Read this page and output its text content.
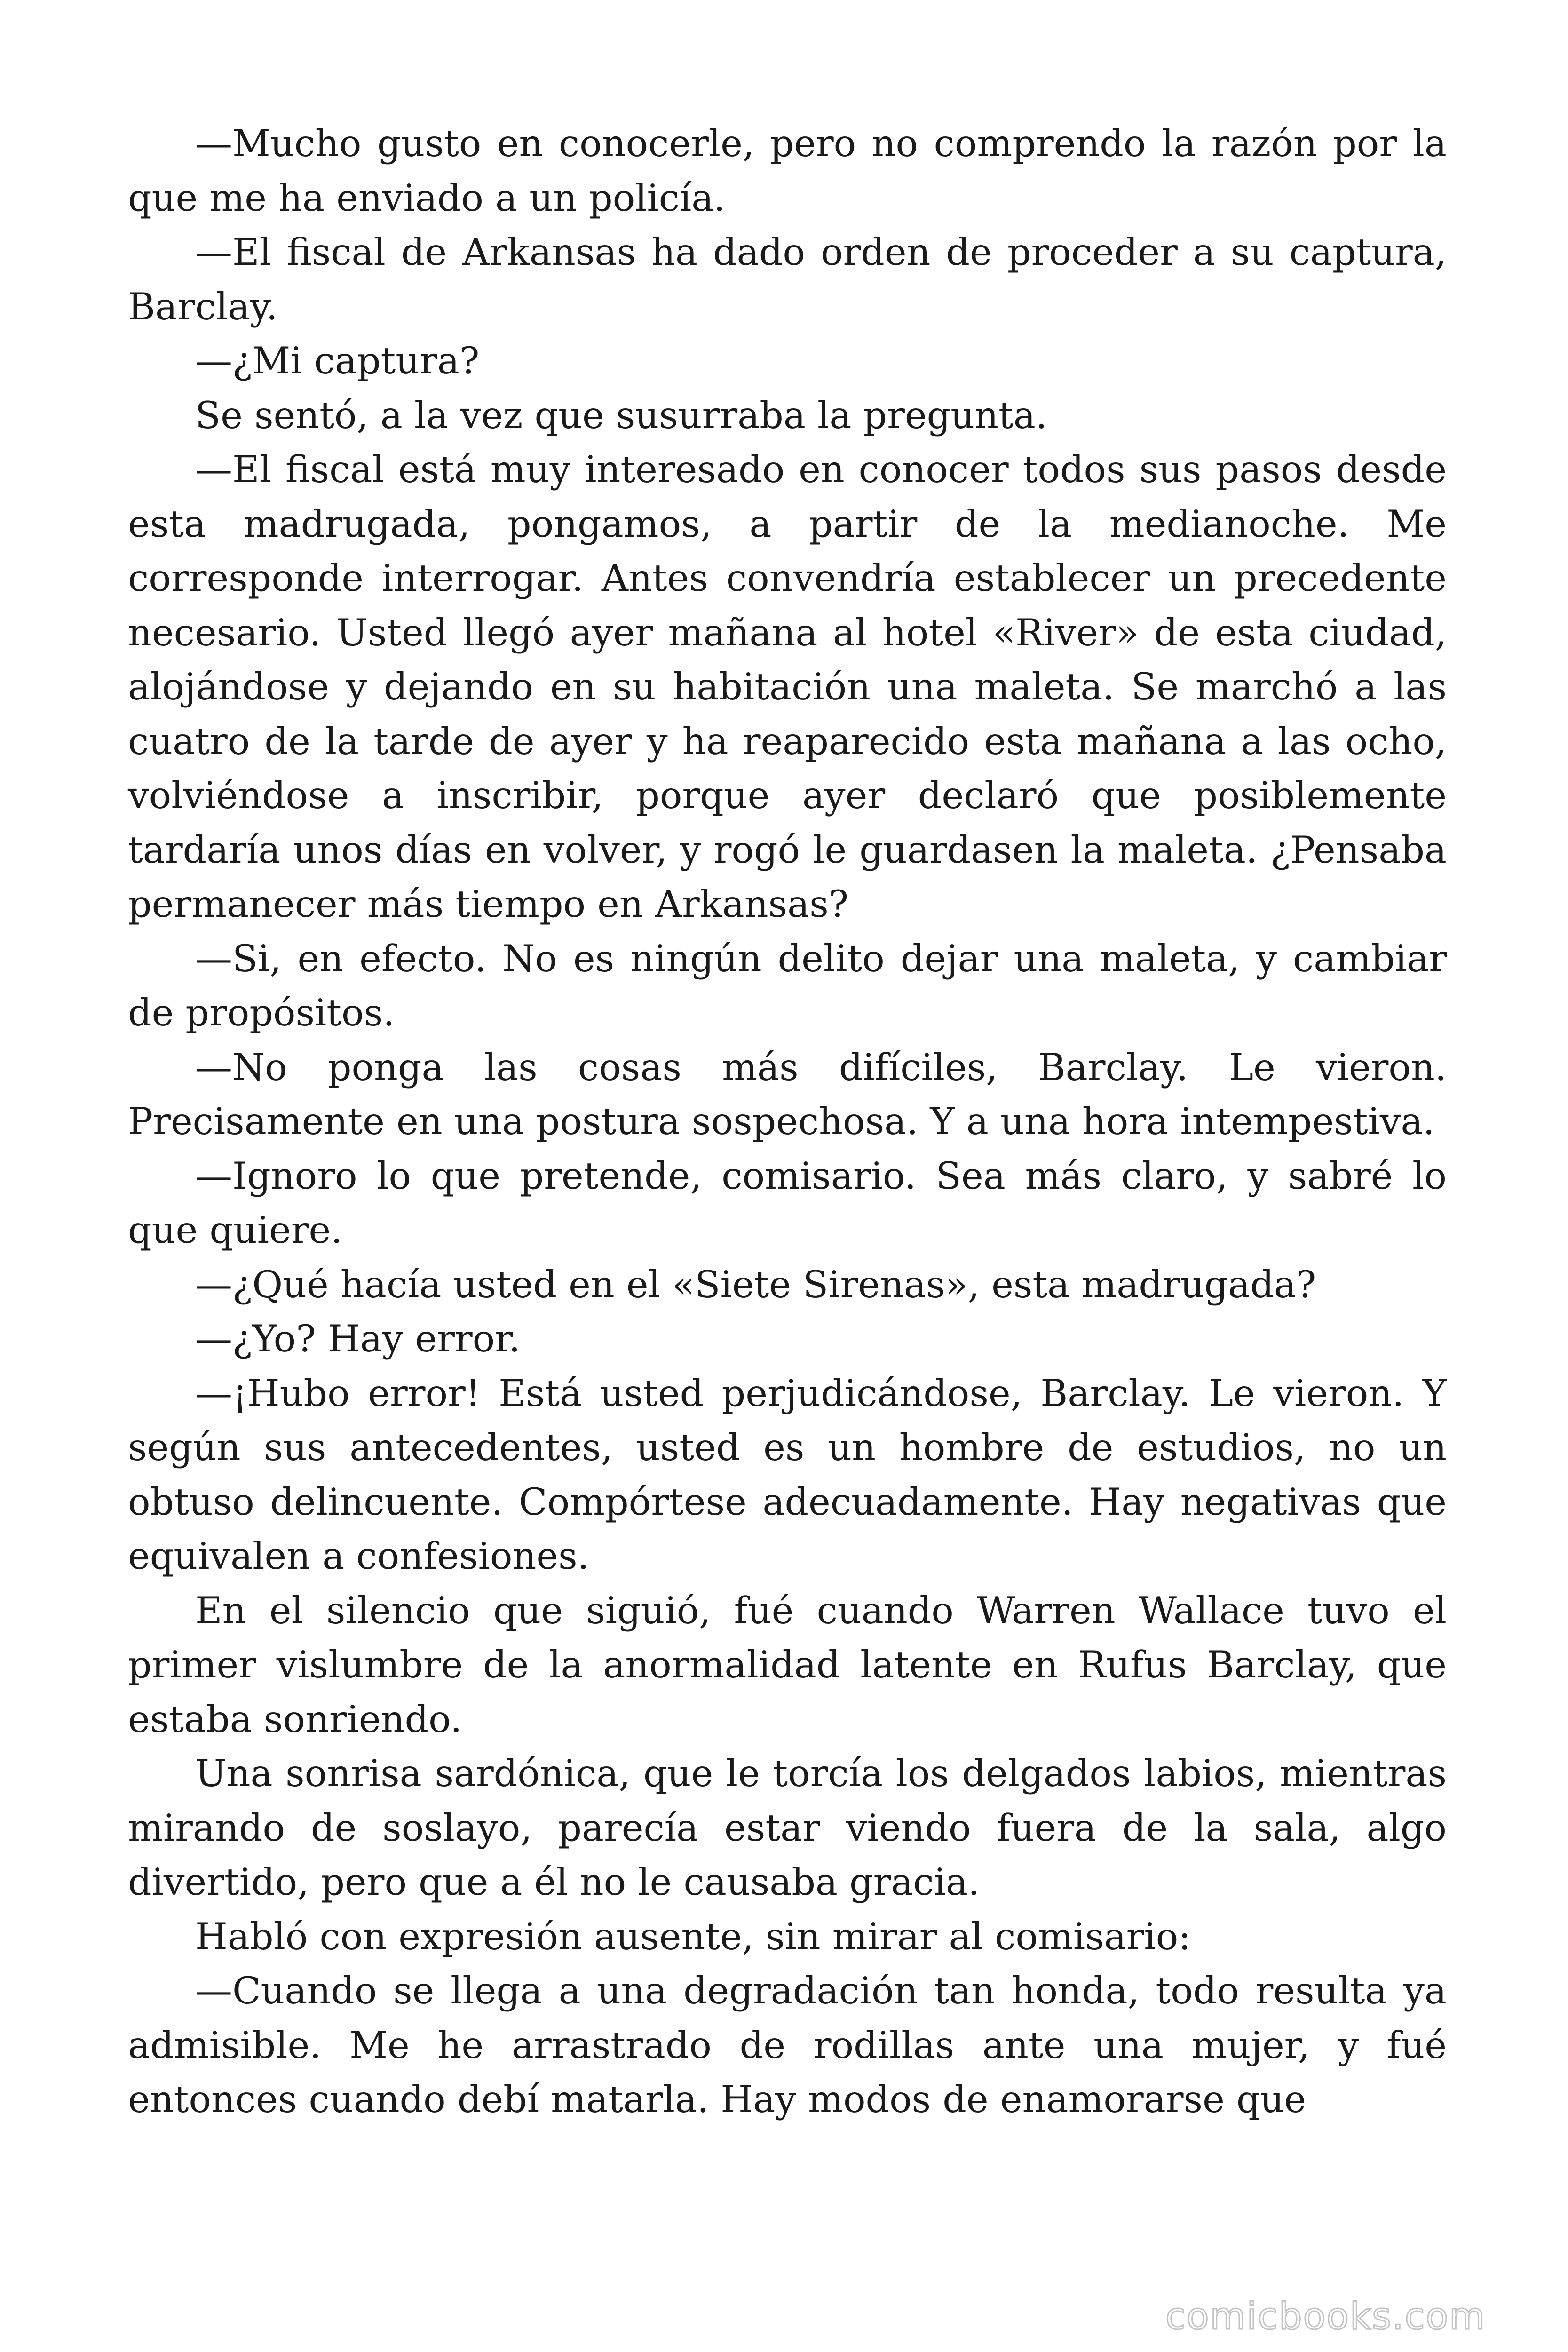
—Mucho gusto en conocerle, pero no comprendo la razón por la que me ha enviado a un policía.

—El fiscal de Arkansas ha dado orden de proceder a su captura, Barclay.

—¿Mi captura?

Se sentó, a la vez que susurraba la pregunta.

—El fiscal está muy interesado en conocer todos sus pasos desde esta madrugada, pongamos, a partir de la medianoche. Me corresponde interrogar. Antes convendría establecer un precedente necesario. Usted llegó ayer mañana al hotel «River» de esta ciudad, alojándose y dejando en su habitación una maleta. Se marchó a las cuatro de la tarde de ayer y ha reaparecido esta mañana a las ocho, volviéndose a inscribir, porque ayer declaró que posiblemente tardaría unos días en volver, y rogó le guardasen la maleta. ¿Pensaba permanecer más tiempo en Arkansas?

—Si, en efecto. No es ningún delito dejar una maleta, y cambiar de propósitos.

—No ponga las cosas más difíciles, Barclay. Le vieron. Precisamente en una postura sospechosa. Y a una hora intempestiva.

—Ignoro lo que pretende, comisario. Sea más claro, y sabré lo que quiere.

—¿Qué hacía usted en el «Siete Sirenas», esta madrugada?

—¿Yo? Hay error.

—¡Hubo error! Está usted perjudicándose, Barclay. Le vieron. Y según sus antecedentes, usted es un hombre de estudios, no un obtuso delincuente. Compórtese adecuadamente. Hay negativas que equivalen a confesiones.

En el silencio que siguió, fué cuando Warren Wallace tuvo el primer vislumbre de la anormalidad latente en Rufus Barclay, que estaba sonriendo.

Una sonrisa sardónica, que le torcía los delgados labios, mientras mirando de soslayo, parecía estar viendo fuera de la sala, algo divertido, pero que a él no le causaba gracia.

Habló con expresión ausente, sin mirar al comisario:

—Cuando se llega a una degradación tan honda, todo resulta ya admisible. Me he arrastrado de rodillas ante una mujer, y fué entonces cuando debí matarla. Hay modos de enamorarse que

comicbooks.com
